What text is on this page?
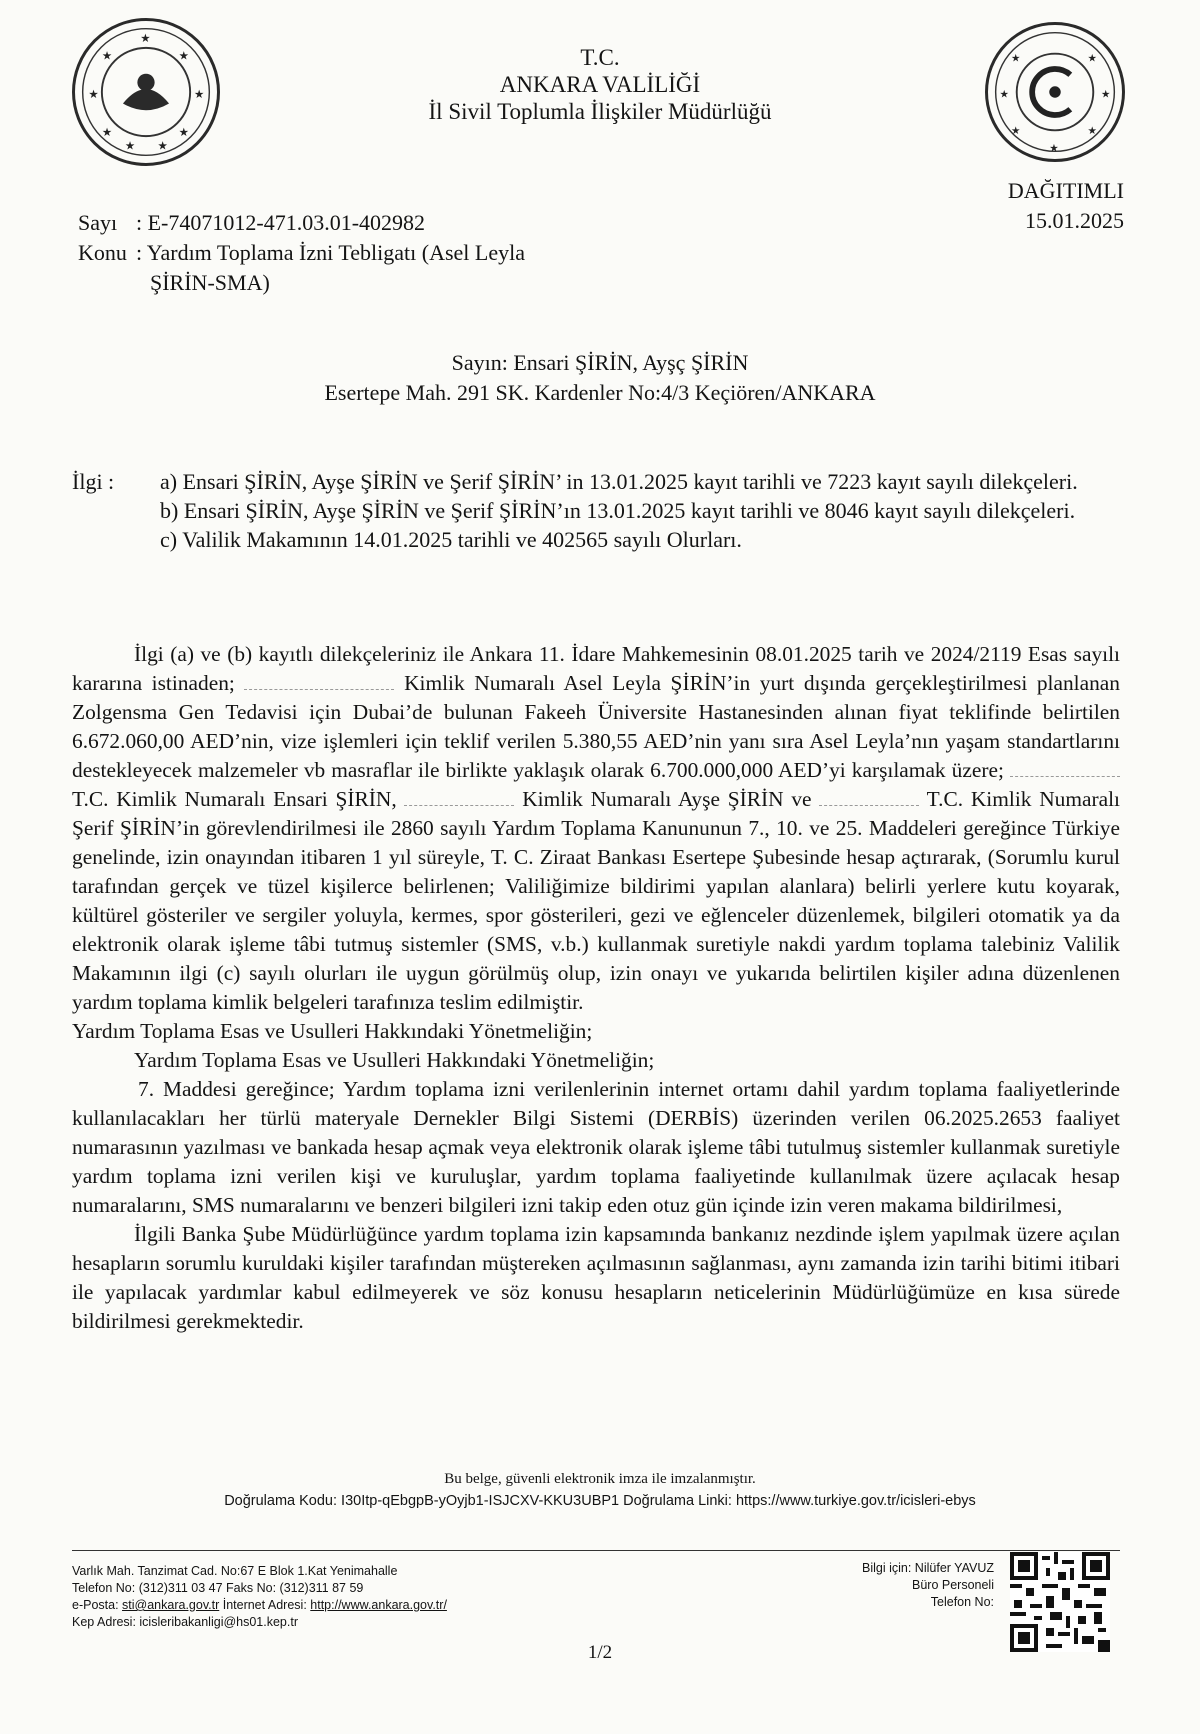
★	★
★	★
★	★
★ ★
★
★	★
★	★
★	★
★
T.C.
ANKARA VALİLİĞİ
İl Sivil Toplumla İlişkiler Müdürlüğü
DAĞITIMLI
15.01.2025
Sayı : E-74071012-471.03.01-402982
Konu : Yardım Toplama İzni Tebligatı (Asel Leyla
ŞİRİN-SMA)
Sayın: Ensari ŞİRİN, Ayşç ŞİRİN
Esertepe Mah. 291 SK. Kardenler No:4/3 Keçiören/ANKARA
İlgi : a) Ensari ŞİRİN, Ayşe ŞİRİN ve Şerif ŞİRİN’ in 13.01.2025 kayıt tarihli ve 7223 kayıt sayılı dilekçeleri.
b) Ensari ŞİRİN, Ayşe ŞİRİN ve Şerif ŞİRİN’ın 13.01.2025 kayıt tarihli ve 8046 kayıt sayılı dilekçeleri.
c) Valilik Makamının 14.01.2025 tarihli ve 402565 sayılı Olurları.

İlgi (a) ve (b) kayıtlı dilekçeleriniz ile Ankara 11. İdare Mahkemesinin 08.01.2025 tarih ve 2024/2119 Esas sayılı kararına istinaden;	Kimlik Numaralı Asel Leyla ŞİRİN’in yurt dışında gerçekleştirilmesi planlanan Zolgensma Gen Tedavisi için Dubai’de bulunan Fakeeh Üniversite Hastanesinden alınan fiyat teklifinde belirtilen 6.672.060,00 AED’nin, vize işlemleri için teklif verilen 5.380,55 AED’nin yanı sıra Asel Leyla’nın yaşam standartlarını destekleyecek malzemeler vb masraflar ile birlikte yaklaşık olarak 6.700.000,000 AED’yi karşılamak üzere;  T.C. Kimlik Numaralı Ensari ŞİRİN,	Kimlik Numaralı Ayşe ŞİRİN ve	T.C. Kimlik Numaralı Şerif ŞİRİN’in görevlendirilmesi ile 2860 sayılı Yardım Toplama Kanununun 7., 10. ve 25. Maddeleri gereğince Türkiye genelinde, izin onayından itibaren 1 yıl süreyle, T. C. Ziraat Bankası Esertepe Şubesinde hesap açtırarak, (Sorumlu kurul tarafından gerçek ve tüzel kişilerce belirlenen; Valiliğimize bildirimi yapılan alanlara) belirli yerlere kutu koyarak, kültürel gösteriler ve sergiler yoluyla, kermes, spor gösterileri, gezi ve eğlenceler düzenlemek, bilgileri otomatik ya da elektronik olarak işleme tâbi tutmuş sistemler (SMS, v.b.) kullanmak suretiyle nakdi yardım toplama talebiniz Valilik Makamının ilgi (c) sayılı olurları ile uygun görülmüş olup, izin onayı ve yukarıda belirtilen kişiler adına düzenlenen yardım toplama kimlik belgeleri tarafınıza teslim edilmiştir.

Yardım Toplama Esas ve Usulleri Hakkındaki Yönetmeliğin;

Yardım Toplama Esas ve Usulleri Hakkındaki Yönetmeliğin;

7. Maddesi gereğince; Yardım toplama izni verilenlerinin internet ortamı dahil yardım toplama faaliyetlerinde kullanılacakları her türlü materyale Dernekler Bilgi Sistemi (DERBİS) üzerinden verilen 06.2025.2653 faaliyet numarasının yazılması ve bankada hesap açmak veya elektronik olarak işleme tâbi tutulmuş sistemler kullanmak suretiyle yardım toplama izni verilen kişi ve kuruluşlar, yardım toplama faaliyetinde kullanılmak üzere açılacak hesap numaralarını, SMS numaralarını ve benzeri bilgileri izni takip eden otuz gün içinde izin veren makama bildirilmesi,

İlgili Banka Şube Müdürlüğünce yardım toplama izin kapsamında bankanız nezdinde işlem yapılmak üzere açılan hesapların sorumlu kuruldaki kişiler tarafından müştereken açılmasının sağlanması, aynı zamanda izin tarihi bitimi itibari ile yapılacak yardımlar kabul edilmeyerek ve söz konusu hesapların neticelerinin Müdürlüğümüze en kısa sürede bildirilmesi gerekmektedir.

Bu belge, güvenli elektronik imza ile imzalanmıştır.
Doğrulama Kodu: I30Itp-qEbgpB-yOyjb1-ISJCXV-KKU3UBP1 Doğrulama Linki: https://www.turkiye.gov.tr/icisleri-ebys
Varlık Mah. Tanzimat Cad. No:67 E Blok 1.Kat Yenimahalle
Telefon No: (312)311 03 47 Faks No: (312)311 87 59
e-Posta: sti@ankara.gov.tr İnternet Adresi: http://www.ankara.gov.tr/
Kep Adresi: icisleribakanligi@hs01.kep.tr
Bilgi için: Nilüfer YAVUZ
Büro Personeli
Telefon No:
1/2
